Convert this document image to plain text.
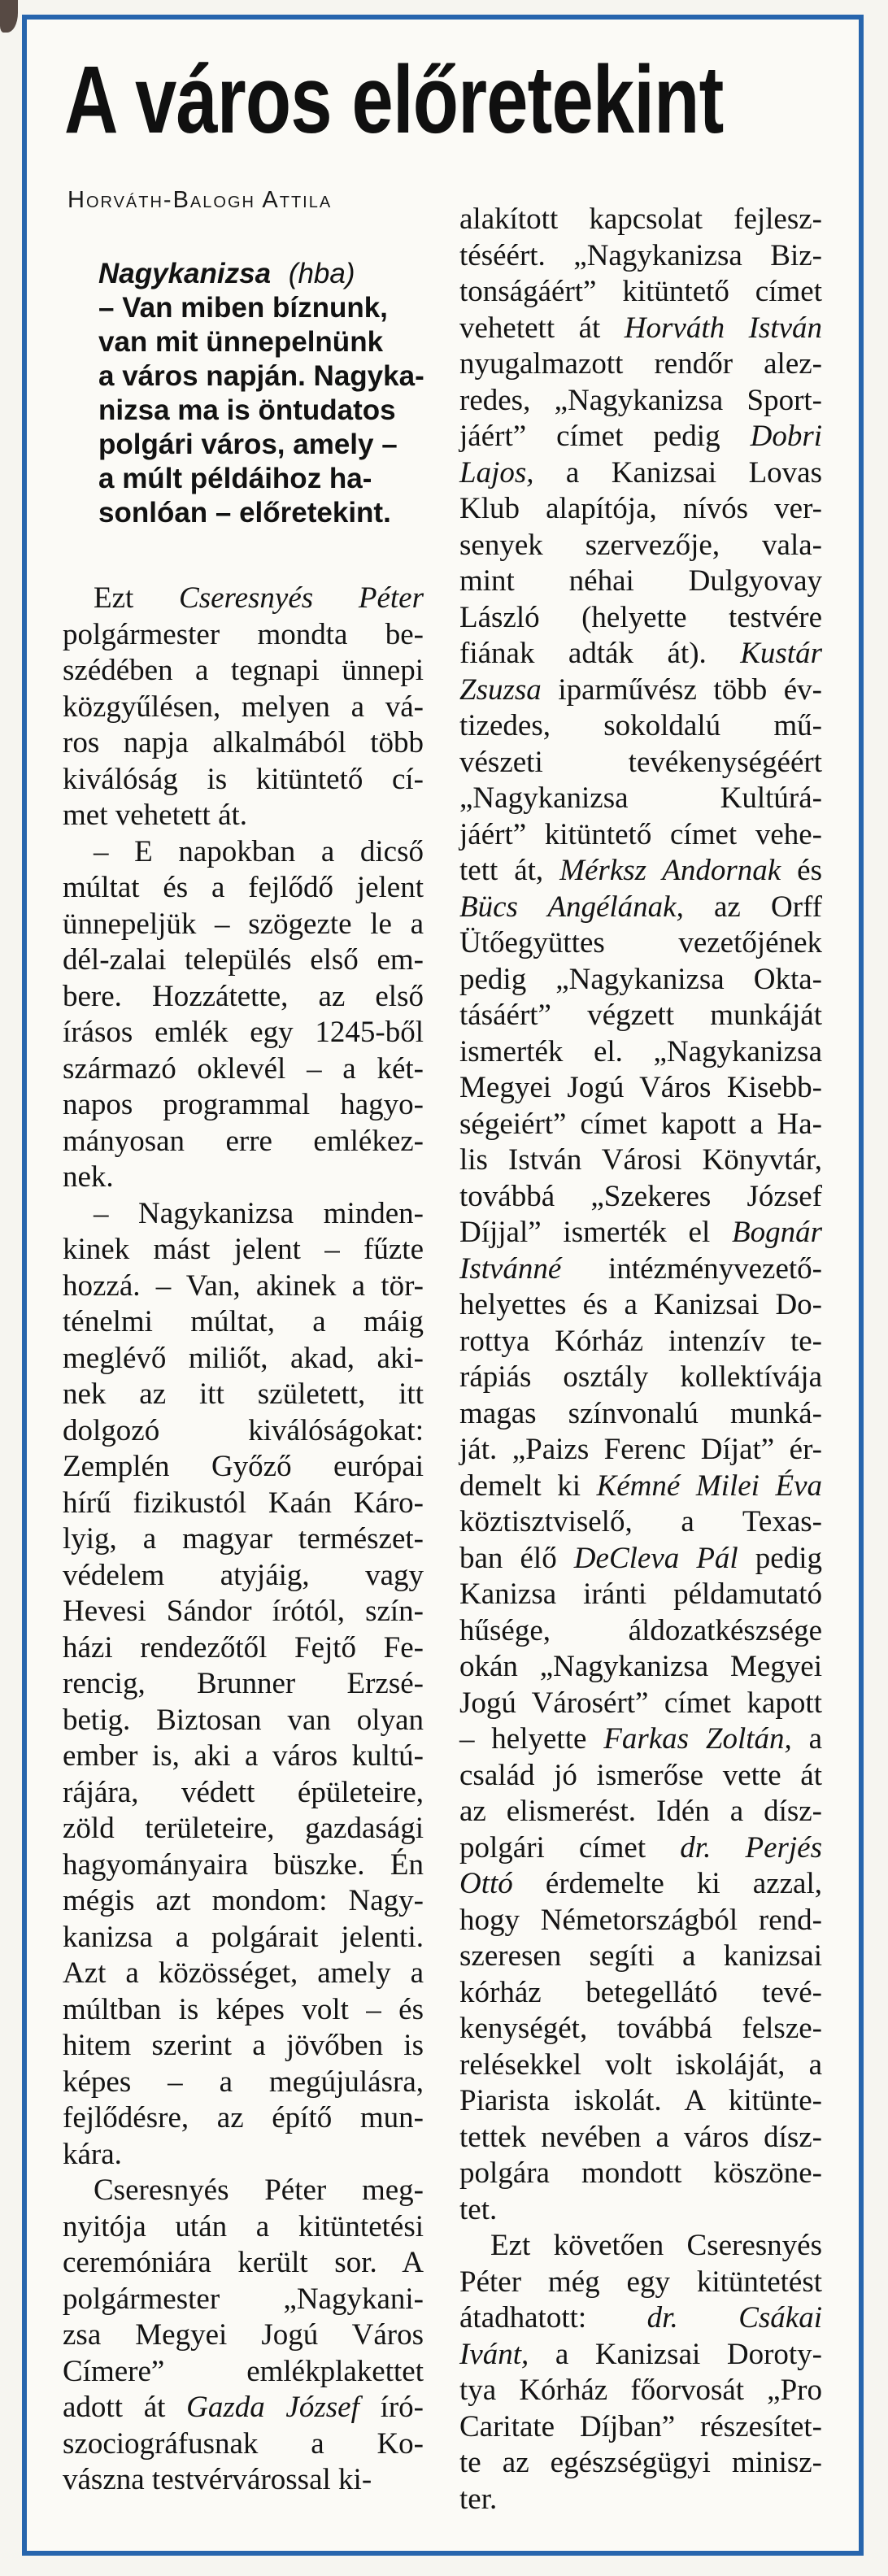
A város előretekint
Horváth-Balogh Attila
Nagykanizsa (hba)
– Van miben bíznunk,
van mit ünnepelnünk
a város napján. Nagyka-
nizsa ma is öntudatos
polgári város, amely –
a múlt példáihoz ha-
sonlóan – előretekint.
Ezt Cseresnyés Péter
polgármester mondta be-
szédében a tegnapi ünnepi
közgyűlésen, melyen a vá-
ros napja alkalmából több
kiválóság is kitüntető cí-
met vehetett át.
– E napokban a dicső
múltat és a fejlődő jelent
ünnepeljük – szögezte le a
dél-zalai település első em-
bere. Hozzátette, az első
írásos emlék egy 1245-ből
származó oklevél – a két-
napos programmal hagyo-
mányosan erre emlékez-
nek.
– Nagykanizsa minden-
kinek mást jelent – fűzte
hozzá. – Van, akinek a tör-
ténelmi múltat, a máig
meglévő miliőt, akad, aki-
nek az itt született, itt
dolgozó kiválóságokat:
Zemplén Győző európai
hírű fizikustól Kaán Káro-
lyig, a magyar természet-
védelem atyjáig, vagy
Hevesi Sándor írótól, szín-
házi rendezőtől Fejtő Fe-
rencig, Brunner Erzsé-
betig. Biztosan van olyan
ember is, aki a város kultú-
rájára, védett épületeire,
zöld területeire, gazdasági
hagyományaira büszke. Én
mégis azt mondom: Nagy-
kanizsa a polgárait jelenti.
Azt a közösséget, amely a
múltban is képes volt – és
hitem szerint a jövőben is
képes – a megújulásra,
fejlődésre, az építő mun-
kára.
Cseresnyés Péter meg-
nyitója után a kitüntetési
ceremóniára került sor. A
polgármester „Nagykani-
zsa Megyei Jogú Város
Címere” emlékplakettet
adott át Gazda József író-
szociográfusnak a Ko-
vászna testvérvárossal ki-
alakított kapcsolat fejlesz-
téséért. „Nagykanizsa Biz-
tonságáért” kitüntető címet
vehetett át Horváth István
nyugalmazott rendőr alez-
redes, „Nagykanizsa Sport-
jáért” címet pedig Dobri
Lajos, a Kanizsai Lovas
Klub alapítója, nívós ver-
senyek szervezője, vala-
mint néhai Dulgyovay
László (helyette testvére
fiának adták át). Kustár
Zsuzsa iparművész több év-
tizedes, sokoldalú mű-
vészeti tevékenységéért
„Nagykanizsa Kultúrá-
jáért” kitüntető címet vehe-
tett át, Mérksz Andornak és
Bücs Angélának, az Orff
Ütőegyüttes vezetőjének
pedig „Nagykanizsa Okta-
tásáért” végzett munkáját
ismerték el. „Nagykanizsa
Megyei Jogú Város Kisebb-
ségeiért” címet kapott a Ha-
lis István Városi Könyvtár,
továbbá „Szekeres József
Díjjal” ismerték el Bognár
Istvánné intézményvezető-
helyettes és a Kanizsai Do-
rottya Kórház intenzív te-
rápiás osztály kollektívája
magas színvonalú munká-
ját. „Paizs Ferenc Díjat” ér-
demelt ki Kémné Milei Éva
köztisztviselő, a Texas-
ban élő DeCleva Pál pedig
Kanizsa iránti példamutató
hűsége, áldozatkészsége
okán „Nagykanizsa Megyei
Jogú Városért” címet kapott
– helyette Farkas Zoltán, a
család jó ismerőse vette át
az elismerést. Idén a dísz-
polgári címet dr. Perjés
Ottó érdemelte ki azzal,
hogy Németországból rend-
szeresen segíti a kanizsai
kórház betegellátó tevé-
kenységét, továbbá felsze-
relésekkel volt iskoláját, a
Piarista iskolát. A kitünte-
tettek nevében a város dísz-
polgára mondott köszöne-
tet.
Ezt követően Cseresnyés
Péter még egy kitüntetést
átadhatott: dr. Csákai
Ivánt, a Kanizsai Doroty-
tya Kórház főorvosát „Pro
Caritate Díjban” részesítet-
te az egészségügyi minisz-
ter.
